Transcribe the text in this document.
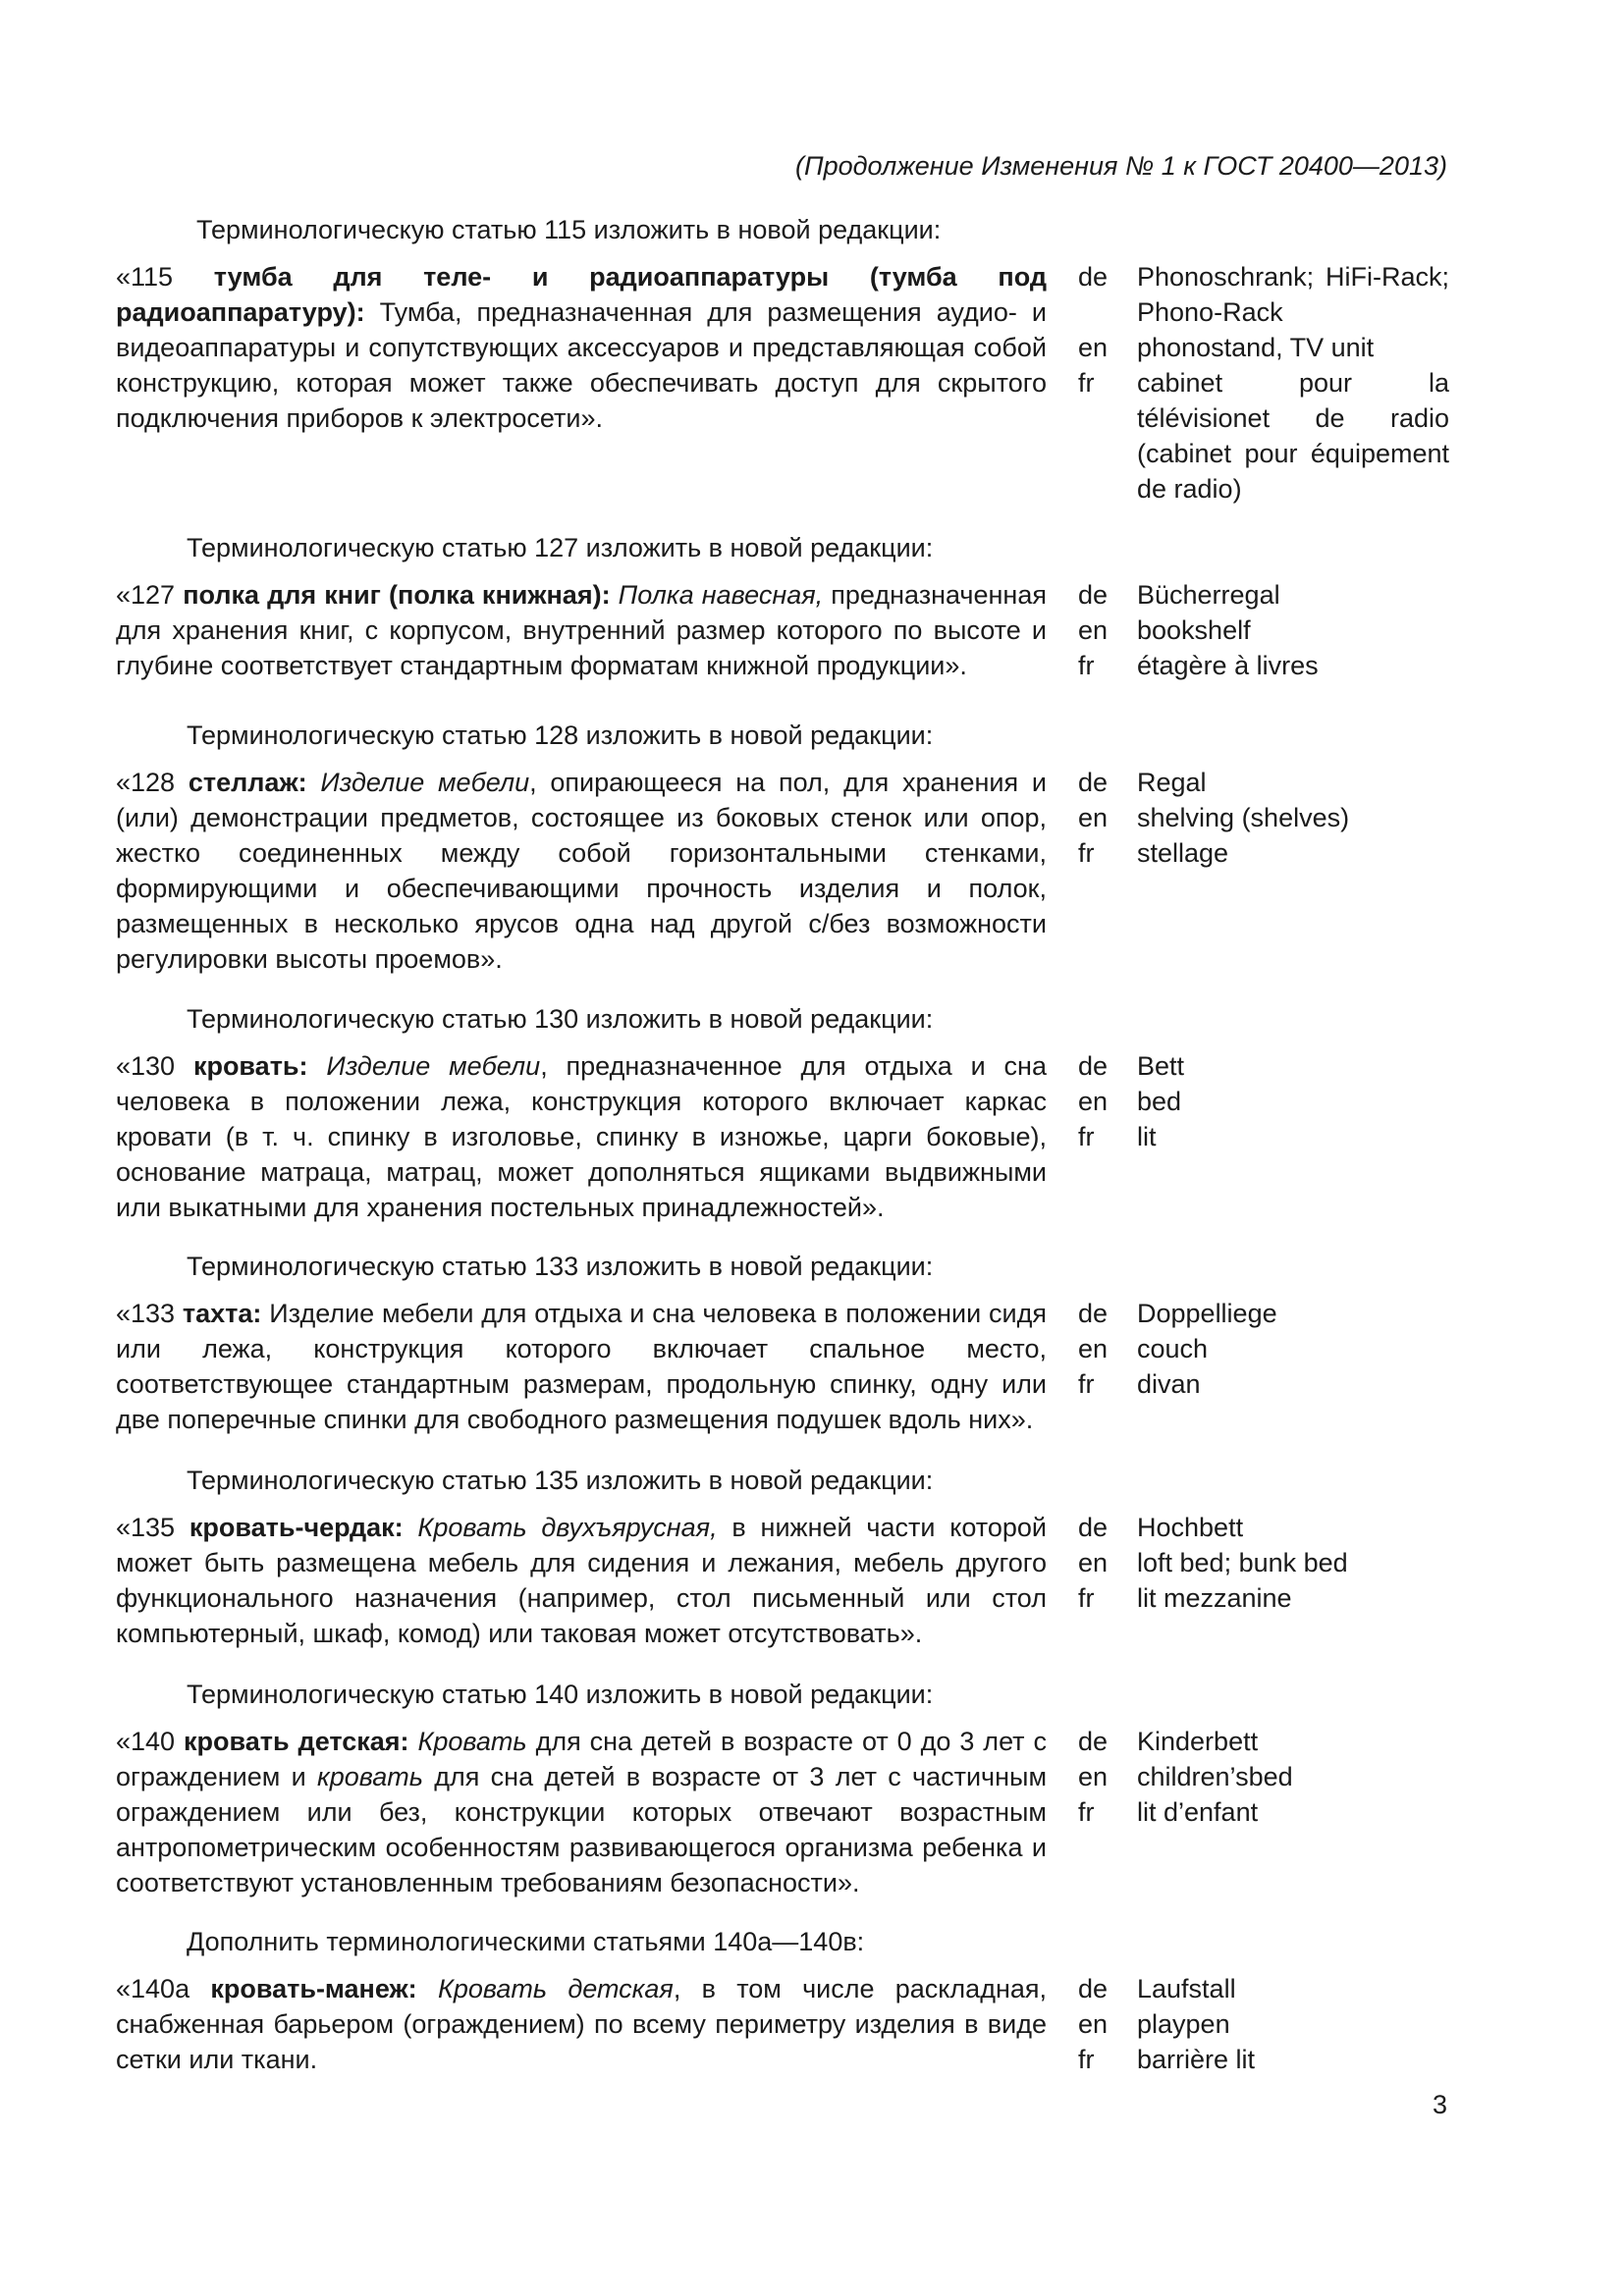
(Продолжение Изменения № 1 к ГОСТ 20400—2013)
Терминологическую статью 115 изложить в новой редакции:
«115 тумба для теле- и радиоаппаратуры (тумба под радиоаппаратуру): Тумба, предназначенная для размещения аудио- и видеоаппаратуры и сопутствующих аксессуаров и представляющая собой конструкцию, которая может также обеспечивать доступ для скрытого подключения приборов к электросети».
de
en
fr
Phonoschrank; HiFi-Rack; Phono-Rack
phonostand, TV unit
cabinet pour la télévisionet de radio (cabinet pour équipement de radio)
Терминологическую статью 127 изложить в новой редакции:
«127 полка для книг (полка книжная): Полка навесная, предназначенная для хранения книг, с корпусом, внутренний размер которого по высоте и глубине соответствует стандартным форматам книжной продукции».
de
en
fr
Bücherregal
bookshelf
étagère à livres
Терминологическую статью 128 изложить в новой редакции:
«128 стеллаж: Изделие мебели, опирающееся на пол, для хранения и (или) демонстрации предметов, состоящее из боковых стенок или опор, жестко соединенных между собой горизонтальными стенками, формирующими и обеспечивающими прочность изделия и полок, размещенных в несколько ярусов одна над другой с/без возможности регулировки высоты проемов».
de
en
fr
Regal
shelving (shelves)
stellage
Терминологическую статью 130 изложить в новой редакции:
«130 кровать: Изделие мебели, предназначенное для отдыха и сна человека в положении лежа, конструкция которого включает каркас кровати (в т. ч. спинку в изголовье, спинку в изножье, царги боковые), основание матраца, матрац, может дополняться ящиками выдвижными или выкатными для хранения постельных принадлежностей».
de
en
fr
Bett
bed
lit
Терминологическую статью 133 изложить в новой редакции:
«133 тахта: Изделие мебели для отдыха и сна человека в положении сидя или лежа, конструкция которого включает спальное место, соответствующее стандартным размерам, продольную спинку, одну или две поперечные спинки для свободного размещения подушек вдоль них».
de
en
fr
Doppelliege
couch
divan
Терминологическую статью 135 изложить в новой редакции:
«135 кровать-чердак: Кровать двухъярусная, в нижней части которой может быть размещена мебель для сидения и лежания, мебель другого функционального назначения (например, стол письменный или стол компьютерный, шкаф, комод) или таковая может отсутствовать».
de
en
fr
Hochbett
loft bed; bunk bed
lit mezzanine
Терминологическую статью 140 изложить в новой редакции:
«140 кровать детская: Кровать для сна детей в возрасте от 0 до 3 лет с ограждением и кровать для сна детей в возрасте от 3 лет с частичным ограждением или без, конструкции которых отвечают возрастным антропометрическим особенностям развивающегося организма ребенка и соответствуют установленным требованиям безопасности».
de
en
fr
Kinderbett
children’sbed
lit d’enfant
Дополнить терминологическими статьями 140а—140в:
«140а кровать-манеж: Кровать детская, в том числе раскладная, снабженная барьером (ограждением) по всему периметру изделия в виде сетки или ткани.
de
en
fr
Laufstall
playpen
barrière lit
3
